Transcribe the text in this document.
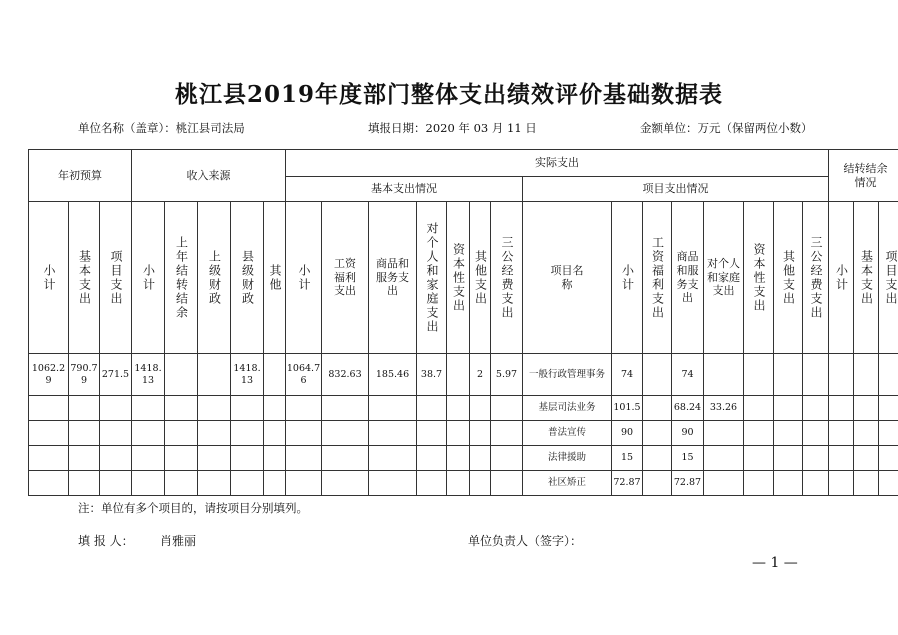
桃江县2019年度部门整体支出绩效评价基础数据表
单位名称（盖章）：桃江县司法局	填报日期：2020 年 03 月 11 日	金额单位：万元（保留两位小数）
年初预算			收入来源					实际支出															结转结余情况		
								基本支出情况							项目支出情况										
小计	基本支出	项目支出	小计	上年结转结余	上级财政	县级财政	其他	小计	工资福利支出	商品和服务支出	对个人和家庭支出	资本性支出	其他支出	三公经费支出	项目名称	小计	工资福利支出	商品和服务支出	对个人和家庭支出	资本性支出	其他支出	三公经费支出	小计	基本支出	项目支出
1062.29	790.79	271.5	1418.13			1418.13		1064.76	832.63	185.46	38.7		2	5.97	一般行政管理事务	74		74							
															基层司法业务	101.5		68.24	33.26						
															普法宣传	90		90							
															法律援助	15		15							
															社区矫正	72.87		72.87							
注：单位有多个项目的，请按项目分别填列。
填 报 人： 肖雅丽	单位负责人（签字）：
— 1 —
